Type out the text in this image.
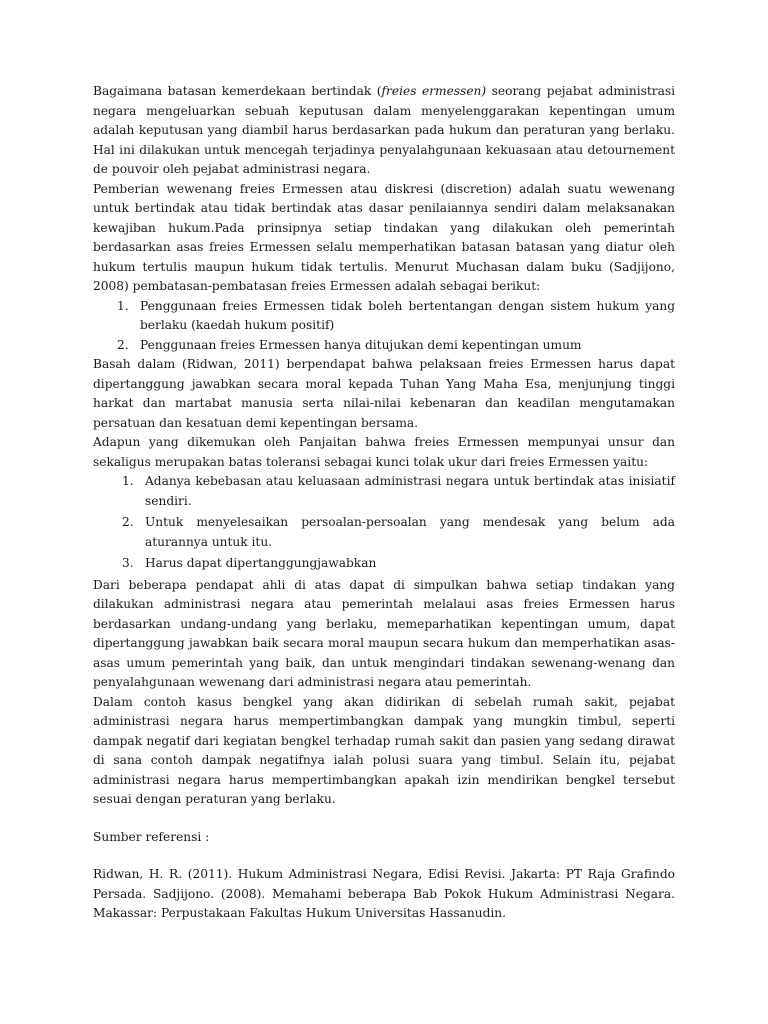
Bagaimana batasan kemerdekaan bertindak (freies ermessen) seorang pejabat administrasi negara mengeluarkan sebuah keputusan dalam menyelenggarakan kepentingan umum adalah keputusan yang diambil harus berdasarkan pada hukum dan peraturan yang berlaku. Hal ini dilakukan untuk mencegah terjadinya penyalahgunaan kekuasaan atau detournement de pouvoir oleh pejabat administrasi negara.

Pemberian wewenang freies Ermessen atau diskresi (discretion) adalah suatu wewenang untuk bertindak atau tidak bertindak atas dasar penilaiannya sendiri dalam melaksanakan kewajiban hukum.Pada prinsipnya setiap tindakan yang dilakukan oleh pemerintah berdasarkan asas freies Ermessen selalu memperhatikan batasan batasan yang diatur oleh hukum tertulis maupun hukum tidak tertulis. Menurut Muchasan dalam buku (Sadjijono, 2008) pembatasan-pembatasan freies Ermessen adalah sebagai berikut:

1. Penggunaan freies Ermessen tidak boleh bertentangan dengan sistem hukum yang berlaku (kaedah hukum positif)
2. Penggunaan freies Ermessen hanya ditujukan demi kepentingan umum

Basah dalam (Ridwan, 2011) berpendapat bahwa pelaksaan freies Ermessen harus dapat dipertanggung jawabkan secara moral kepada Tuhan Yang Maha Esa, menjunjung tinggi harkat dan martabat manusia serta nilai-nilai kebenaran dan keadilan mengutamakan persatuan dan kesatuan demi kepentingan bersama.

Adapun yang dikemukan oleh Panjaitan bahwa freies Ermessen mempunyai unsur dan sekaligus merupakan batas toleransi sebagai kunci tolak ukur dari freies Ermessen yaitu:

1. Adanya kebebasan atau keluasaan administrasi negara untuk bertindak atas inisiatif sendiri.
2. Untuk menyelesaikan persoalan-persoalan yang mendesak yang belum ada aturannya untuk itu.
3. Harus dapat dipertanggungjawabkan

Dari beberapa pendapat ahli di atas dapat di simpulkan bahwa setiap tindakan yang dilakukan administrasi negara atau pemerintah melalaui asas freies Ermessen harus berdasarkan undang-undang yang berlaku, memeparhatikan kepentingan umum, dapat dipertanggung jawabkan baik secara moral maupun secara hukum dan memperhatikan asas-asas umum pemerintah yang baik, dan untuk mengindari tindakan sewenang-wenang dan penyalahgunaan wewenang dari administrasi negara atau pemerintah.

Dalam contoh kasus bengkel yang akan didirikan di sebelah rumah sakit, pejabat administrasi negara harus mempertimbangkan dampak yang mungkin timbul, seperti dampak negatif dari kegiatan bengkel terhadap rumah sakit dan pasien yang sedang dirawat di sana contoh dampak negatifnya ialah polusi suara yang timbul. Selain itu, pejabat administrasi negara harus mempertimbangkan apakah izin mendirikan bengkel tersebut sesuai dengan peraturan yang berlaku.

Sumber referensi :

Ridwan, H. R. (2011). Hukum Administrasi Negara, Edisi Revisi. Jakarta: PT Raja Grafindo Persada. Sadjijono. (2008). Memahami beberapa Bab Pokok Hukum Administrasi Negara. Makassar: Perpustakaan Fakultas Hukum Universitas Hassanudin.
